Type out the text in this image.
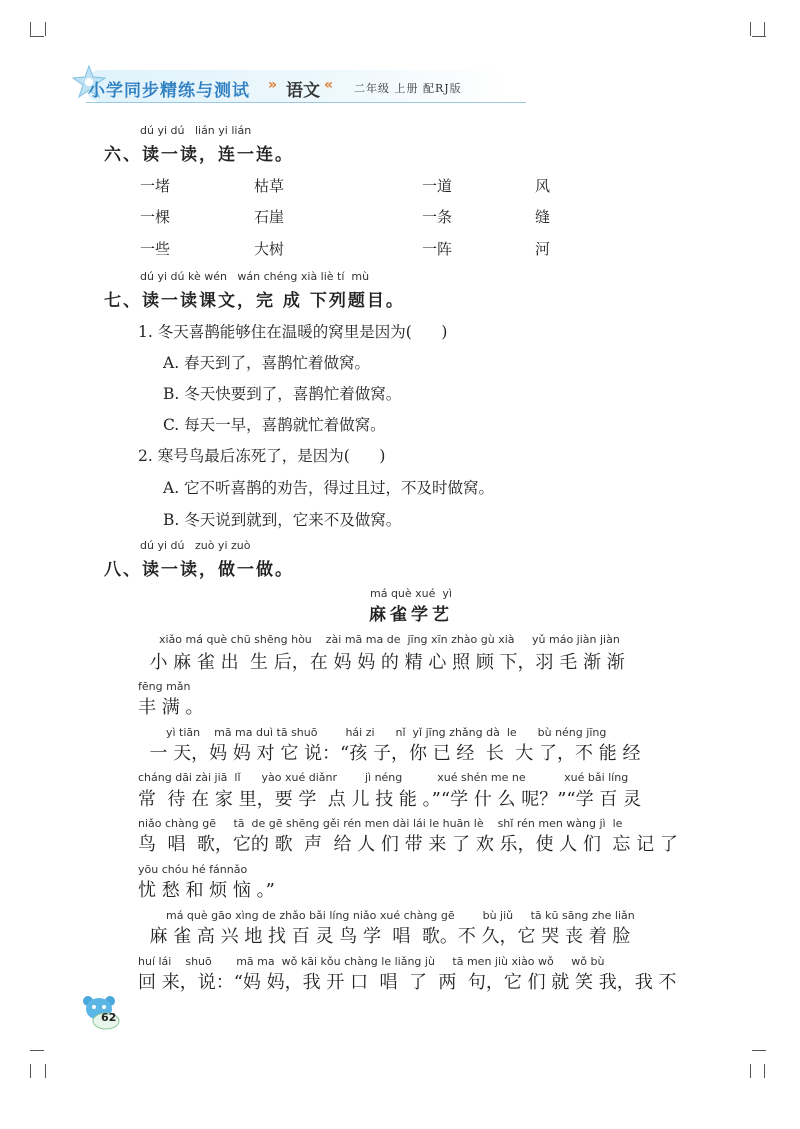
小学同步精练与测试 » 语文 « 二年级 上册 配RJ版
dú yi dú   lián yi lián
六、读一读，连一连。
一堵	枯草	一道	风
一棵	石崖	一条	缝
一些	大树	一阵	河
dú yi dú kè wén   wán chéng xià liè tí  mù
七、读一读课文，完 成 下列题目。
1. 冬天喜鹊能够住在温暖的窝里是因为(      )
A. 春天到了，喜鹊忙着做窝。
B. 冬天快要到了，喜鹊忙着做窝。
C. 每天一早，喜鹊就忙着做窝。
2. 寒号鸟最后冻死了，是因为(      )
A. 它不听喜鹊的劝告，得过且过，不及时做窝。
B. 冬天说到就到，它来不及做窝。
dú yi dú   zuò yi zuò
八、读一读，做一做。
má què xué  yì
麻雀学艺
xiǎo má què chū shēng hòu    zài mā ma de  jīng xīn zhào gù xià     yǔ máo jiàn jiàn
小 麻 雀 出  生 后，在 妈 妈 的 精 心 照 顾 下，羽 毛 渐 渐
fēng mǎn
丰 满 。
yì tiān    mā ma duì tā shuō        hái zi      nǐ  yǐ jīng zhǎng dà  le      bù néng jīng
一 天，妈 妈 对 它 说：“孩 子，你 已 经  长  大 了，不 能 经
cháng dāi zài jiā  lǐ      yào xué diǎnr        jì néng          xué shén me ne           xué bǎi líng
常  待 在 家 里，要 学  点 儿 技 能 。”“学 什 么 呢？”“学 百 灵
niǎo chàng gē     tā  de gē shēng gěi rén men dài lái le huān lè    shǐ rén men wàng jì  le
鸟  唱  歌，它的 歌  声  给 人 们 带 来 了 欢 乐，使 人 们  忘 记 了
yōu chóu hé fánnǎo
忧 愁 和 烦 恼 。”
má què gāo xìng de zhǎo bǎi líng niǎo xué chàng gē        bù jiǔ     tā kū sāng zhe liǎn
麻 雀 高 兴 地 找 百 灵 鸟 学  唱  歌。不 久，它 哭 丧 着 脸
huí lái    shuō       mā ma  wǒ kāi kǒu chàng le liǎng jù     tā men jiù xiào wǒ     wǒ bù
回 来，说：“妈 妈，我 开 口  唱  了  两  句，它 们 就 笑 我，我 不
62
